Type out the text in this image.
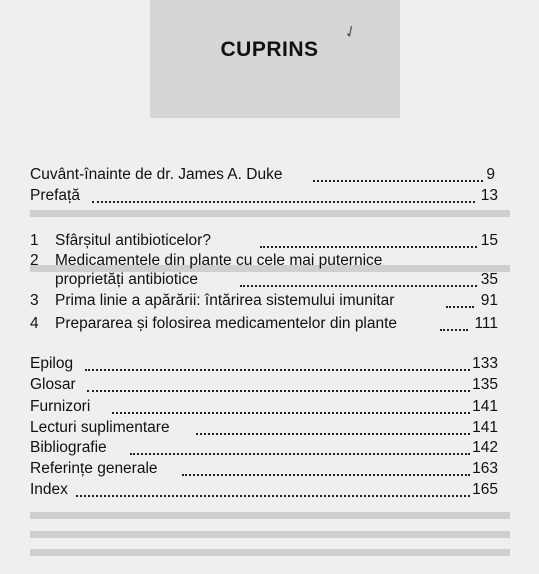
✓
CUPRINS
Cuvânt-înainte de dr. James A. Duke	9
Prefață	13
1 Sfârșitul antibioticelor?	15
2 Medicamentele din plante cu cele mai puternice
proprietăți antibiotice	35
3 Prima linie a apărării: întărirea sistemului imunitar	91
4 Prepararea și folosirea medicamentelor din plante	111
Epilog	133
Glosar	135
Furnizori	141
Lecturi suplimentare	141
Bibliografie	142
Referințe generale	163
Index	165
